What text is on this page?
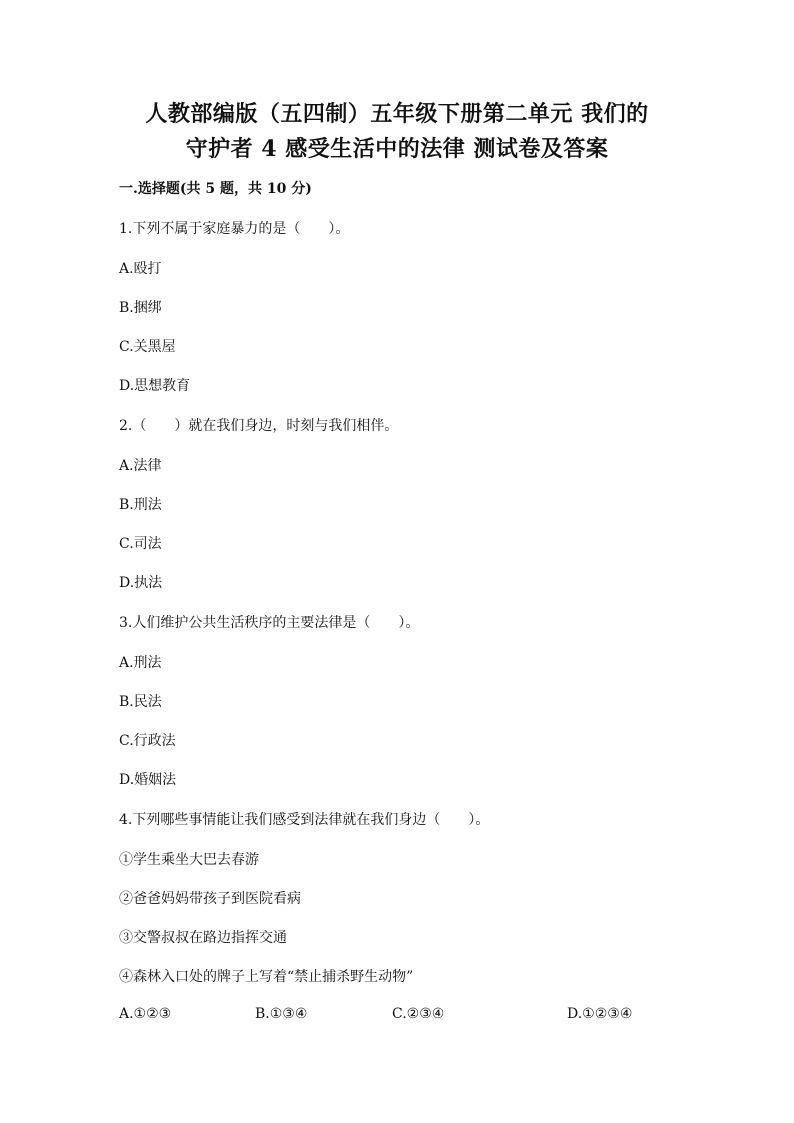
人教部编版（五四制）五年级下册第二单元 我们的
守护者 4 感受生活中的法律 测试卷及答案
一.选择题(共 5 题，共 10 分)
1.下列不属于家庭暴力的是（　　）。
A.殴打
B.捆绑
C.关黑屋
D.思想教育
2.（　　）就在我们身边，时刻与我们相伴。
A.法律
B.刑法
C.司法
D.执法
3.人们维护公共生活秩序的主要法律是（　　）。
A.刑法
B.民法
C.行政法
D.婚姻法
4.下列哪些事情能让我们感受到法律就在我们身边（　　）。
①学生乘坐大巴去春游
②爸爸妈妈带孩子到医院看病
③交警叔叔在路边指挥交通
④森林入口处的牌子上写着“禁止捕杀野生动物”
A.①②③	B.①③④	C.②③④	D.①②③④
